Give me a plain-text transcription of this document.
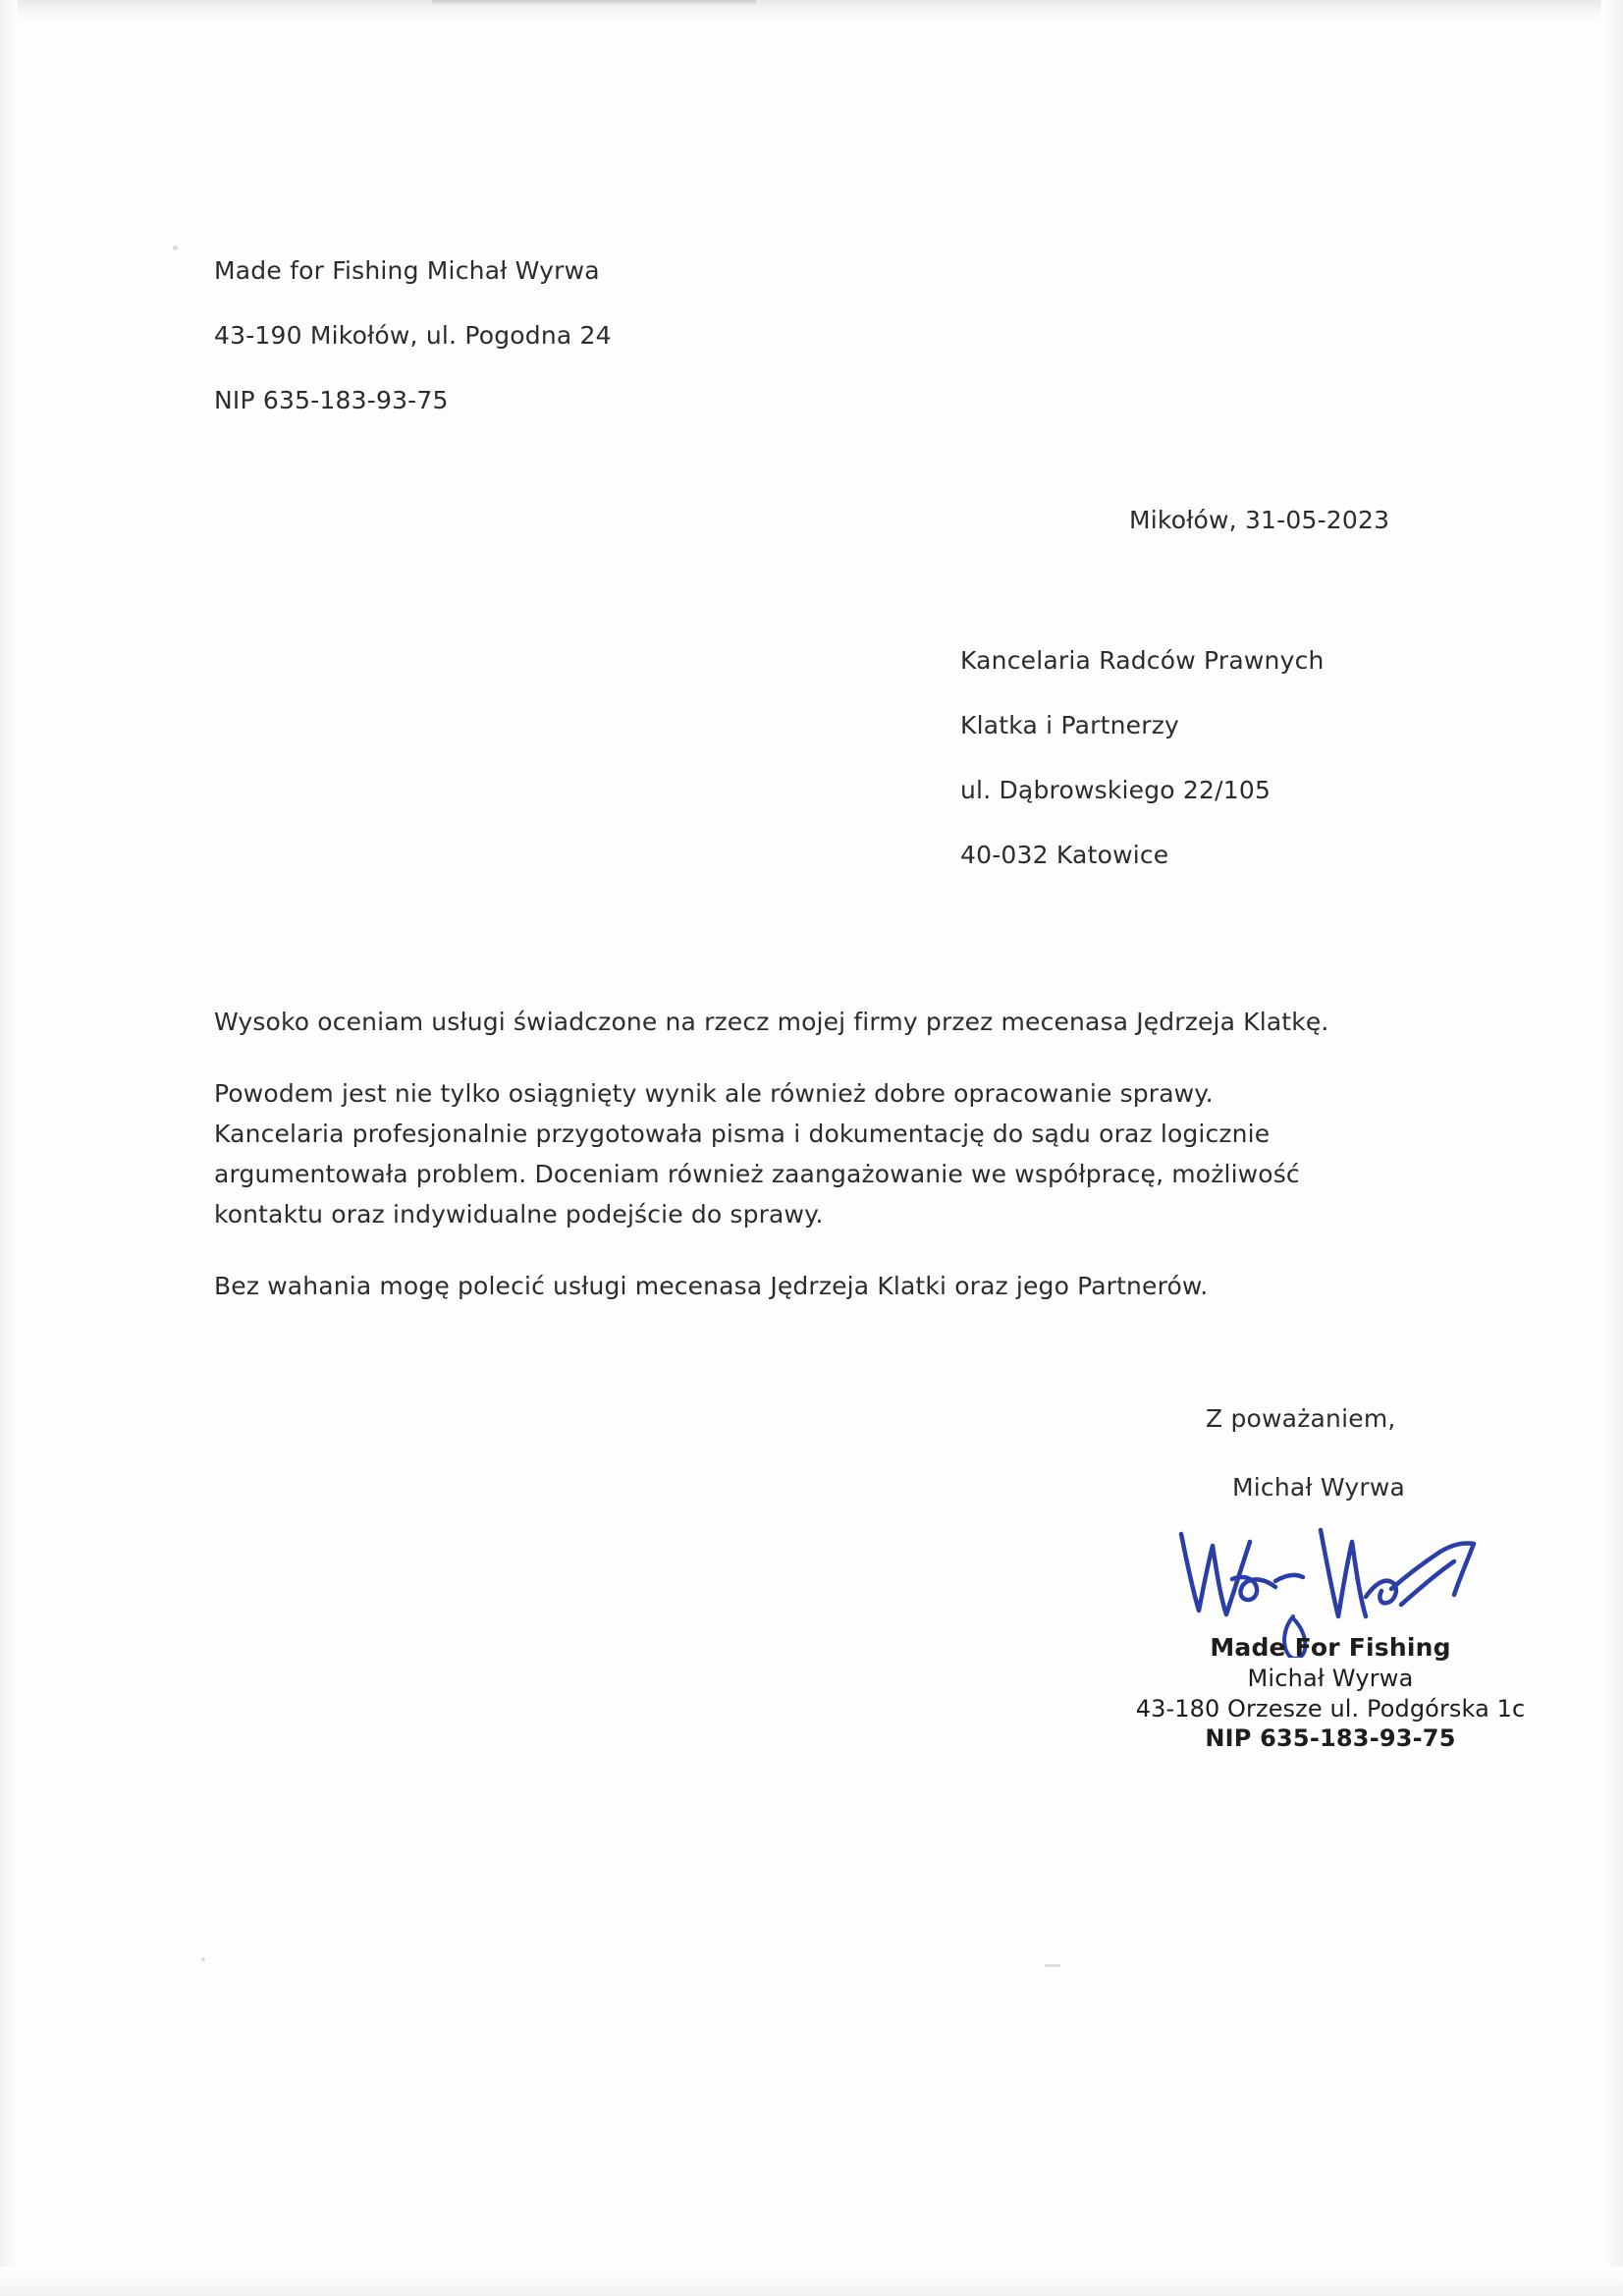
Made for Fishing Michał Wyrwa
43-190 Mikołów, ul. Pogodna 24
NIP 635-183-93-75
Mikołów, 31-05-2023
Kancelaria Radców Prawnych
Klatka i Partnerzy
ul. Dąbrowskiego 22/105
40-032 Katowice

Wysoko oceniam usługi świadczone na rzecz mojej firmy przez mecenasa Jędrzeja Klatkę.

Powodem jest nie tylko osiągnięty wynik ale również dobre opracowanie sprawy. Kancelaria profesjonalnie przygotowała pisma i dokumentację do sądu oraz logicznie argumentowała problem. Doceniam również zaangażowanie we współpracę, możliwość kontaktu oraz indywidualne podejście do sprawy.

Bez wahania mogę polecić usługi mecenasa Jędrzeja Klatki oraz jego Partnerów.

Z poważaniem,
Michał Wyrwa
Made For Fishing
Michał Wyrwa
43-180 Orzesze ul. Podgórska 1c
NIP 635-183-93-75
